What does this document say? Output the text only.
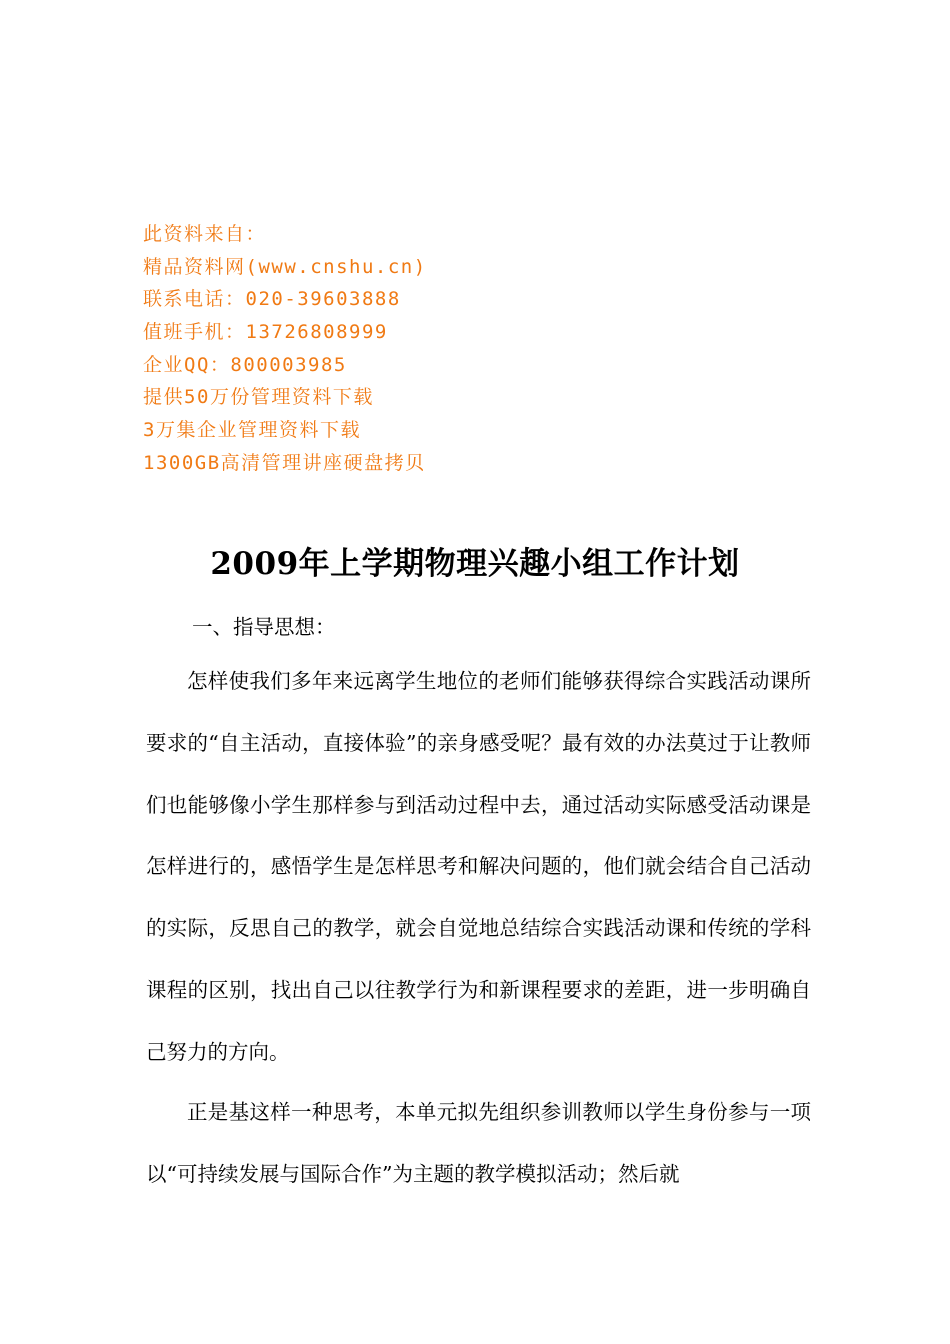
此资料来自：
精品资料网(www.cnshu.cn)
联系电话：020-39603888
值班手机：13726808999
企业QQ：800003985
提供50万份管理资料下载
3万集企业管理资料下载
1300GB高清管理讲座硬盘拷贝
2009年上学期物理兴趣小组工作计划
一、指导思想：

怎样使我们多年来远离学生地位的老师们能够获得综合实践活动课所要求的“自主活动，直接体验”的亲身感受呢？最有效的办法莫过于让教师们也能够像小学生那样参与到活动过程中去，通过活动实际感受活动课是怎样进行的，感悟学生是怎样思考和解决问题的，他们就会结合自己活动的实际，反思自己的教学，就会自觉地总结综合实践活动课和传统的学科课程的区别，找出自己以往教学行为和新课程要求的差距，进一步明确自己努力的方向。

正是基这样一种思考，本单元拟先组织参训教师以学生身份参与一项以“可持续发展与国际合作”为主题的教学模拟活动；然后就
